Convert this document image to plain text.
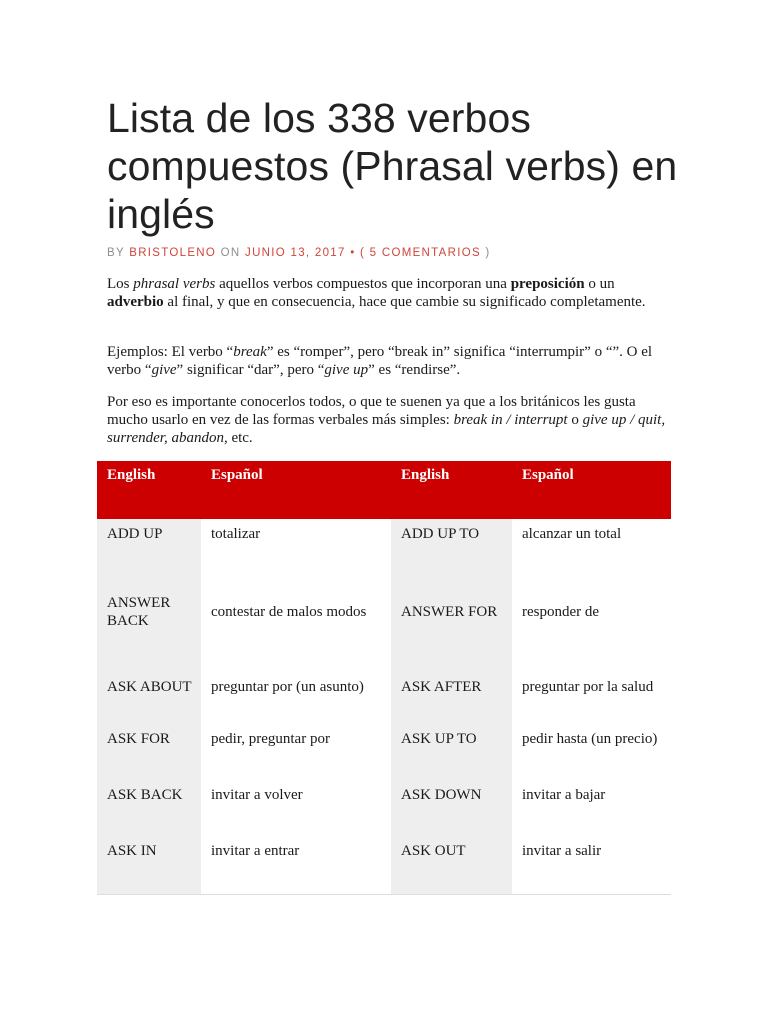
Lista de los 338 verbos compuestos (Phrasal verbs) en inglés

BY BRISTOLENO ON JUNIO 13, 2017 • ( 5 COMENTARIOS )

Los phrasal verbs aquellos verbos compuestos que incorporan una preposición o un adverbio al final, y que en consecuencia, hace que cambie su significado completamente.

Ejemplos: El verbo “break” es “romper”, pero “break in” significa “interrumpir” o “”. O el verbo “give” significar “dar”, pero “give up” es “rendirse”.

Por eso es importante conocerlos todos, o que te suenen ya que a los británicos les gusta mucho usarlo en vez de las formas verbales más simples: break in / interrupt o give up / quit, surrender, abandon, etc.

English	Español	English	Español
ADD UP	totalizar	ADD UP TO	alcanzar un total
ANSWER BACK	contestar de malos modos	ANSWER FOR	responder de
ASK ABOUT	preguntar por (un asunto)	ASK AFTER	preguntar por la salud
ASK FOR	pedir, preguntar por	ASK UP TO	pedir hasta (un precio)
ASK BACK	invitar a volver	ASK DOWN	invitar a bajar
ASK IN	invitar a entrar	ASK OUT	invitar a salir
